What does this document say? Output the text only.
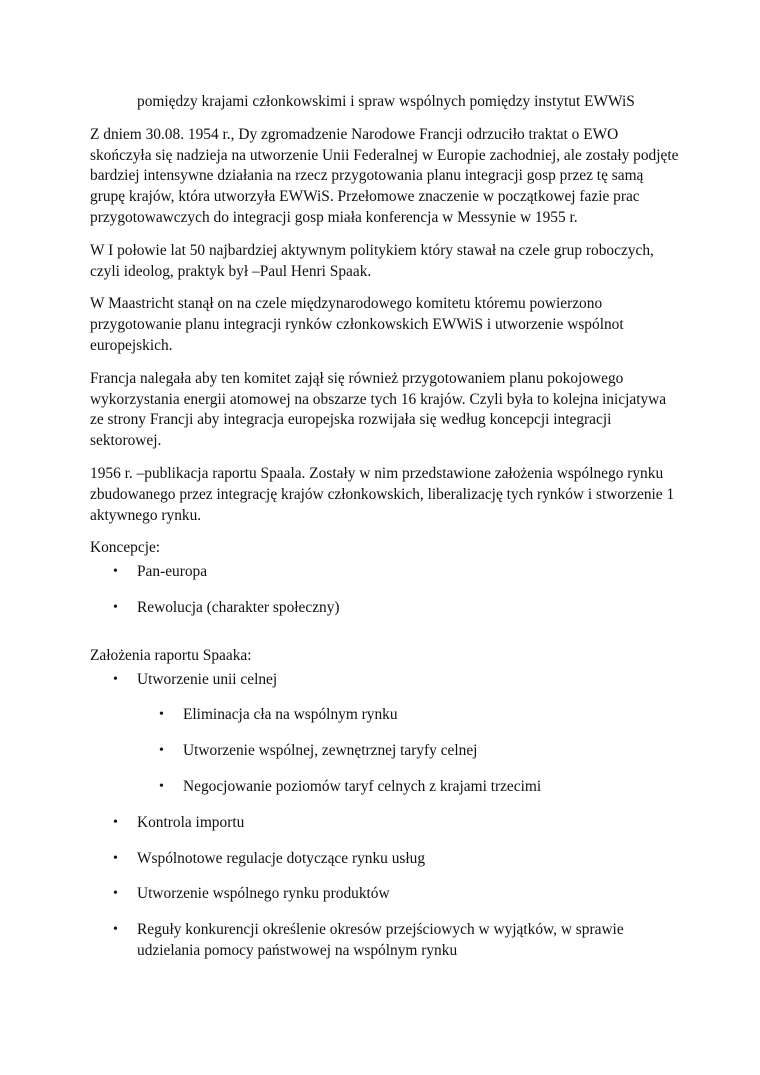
pomiędzy krajami członkowskimi i spraw wspólnych pomiędzy instytut EWWiS

Z dniem 30.08. 1954 r., Dy zgromadzenie Narodowe Francji odrzuciło traktat o EWO skończyła się nadzieja na utworzenie Unii Federalnej w Europie zachodniej, ale zostały podjęte bardziej intensywne działania na rzecz przygotowania planu integracji gosp przez tę samą grupę krajów, która utworzyła EWWiS. Przełomowe znaczenie w początkowej fazie prac przygotowawczych do integracji gosp miała konferencja w Messynie w 1955 r.

W I połowie lat 50 najbardziej aktywnym politykiem który stawał na czele grup roboczych, czyli ideolog, praktyk był –Paul Henri Spaak.

W Maastricht stanął on na czele międzynarodowego komitetu któremu powierzono przygotowanie planu integracji rynków członkowskich EWWiS i utworzenie wspólnot europejskich.

Francja nalegała aby ten komitet zajął się również przygotowaniem planu pokojowego wykorzystania energii atomowej na obszarze tych 16 krajów. Czyli była to kolejna inicjatywa ze strony Francji aby integracja europejska rozwijała się według koncepcji integracji sektorowej.

1956 r. –publikacja raportu Spaala. Zostały w nim przedstawione założenia wspólnego rynku zbudowanego przez integrację krajów członkowskich, liberalizację tych rynków i stworzenie 1 aktywnego rynku.

Koncepcje:

• Pan-europa
• Rewolucja (charakter społeczny)

Założenia raportu Spaaka:

• Utworzenie unii celnej
• Eliminacja cła na wspólnym rynku
• Utworzenie wspólnej, zewnętrznej taryfy celnej
• Negocjowanie poziomów taryf celnych z krajami trzecimi
• Kontrola importu
• Wspólnotowe regulacje dotyczące rynku usług
• Utworzenie wspólnego rynku produktów
• Reguły konkurencji określenie okresów przejściowych w wyjątków, w sprawie udzielania pomocy państwowej na wspólnym rynku
